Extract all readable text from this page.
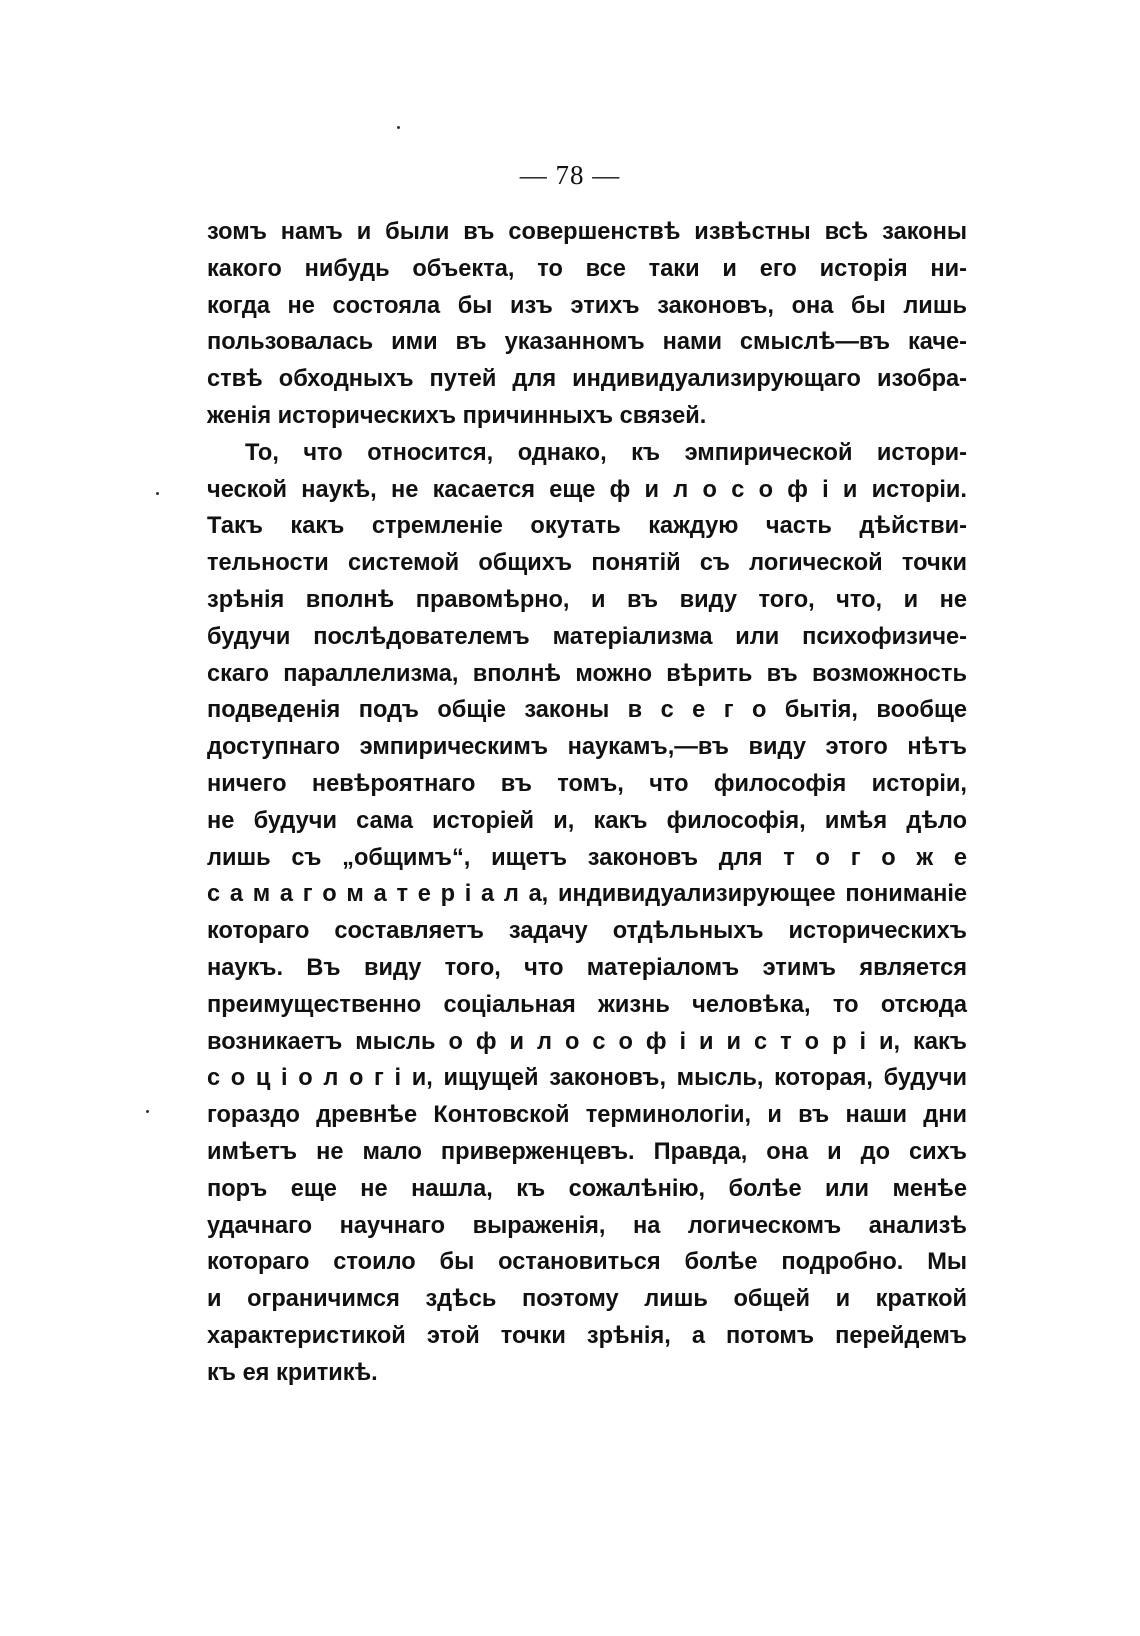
— 78 —
зомъ намъ и были въ совершенствѣ извѣстны всѣ законы
какого нибудь объекта, то все таки и его исторія ни-
когда не состояла бы изъ этихъ законовъ, она бы лишь
пользовалась ими въ указанномъ нами смыслѣ—въ каче-
ствѣ обходныхъ путей для индивидуализирующаго изобра-
женія историческихъ причинныхъ связей.
То, что относится, однако, къ эмпирической истори-
ческой наукѣ, не касается еще ф и л о с о ф і и истоpіи.
Такъ какъ стремленіе окутать каждую часть дѣйстви-
тельности системой общихъ понятій съ логической точки
зрѣнія вполнѣ правомѣрно, и въ виду того, что, и не
будучи послѣдователемъ матеріализма или психофизиче-
скаго параллелизма, вполнѣ можно вѣрить въ возможность
подведенія подъ общіе законы в с е г о бытія, вообще
доступнаго эмпирическимъ наукамъ,—въ виду этого нѣтъ
ничего невѣроятнаго въ томъ, что философія исторіи,
не будучи сама исторіей и, какъ философія, имѣя дѣло
лишь съ „общимъ“, ищетъ законовъ для т о г о ж е
с а м а г о м а т е р і а л а, индивидуализирующее пониманіе
котораго составляетъ задачу отдѣльныхъ историческихъ
наукъ. Въ виду того, что матеріаломъ этимъ является
преимущественно соціальная жизнь человѣка, то отсюда
возникаетъ мысль о ф и л о с о ф і и и с т о р і и, какъ
с о ц і о л о г і и, ищущей законовъ, мысль, которая, будучи
гораздо древнѣе Контовской терминологіи, и въ наши дни
имѣетъ не мало приверженцевъ. Правда, она и до сихъ
поръ еще не нашла, къ сожалѣнію, болѣе или менѣе
удачнаго научнаго выраженія, на логическомъ анализѣ
котораго стоило бы остановиться болѣе подробно. Мы
и ограничимся здѣсь поэтому лишь общей и краткой
характеристикой этой точки зрѣнія, а потомъ перейдемъ
къ ея критикѣ.
